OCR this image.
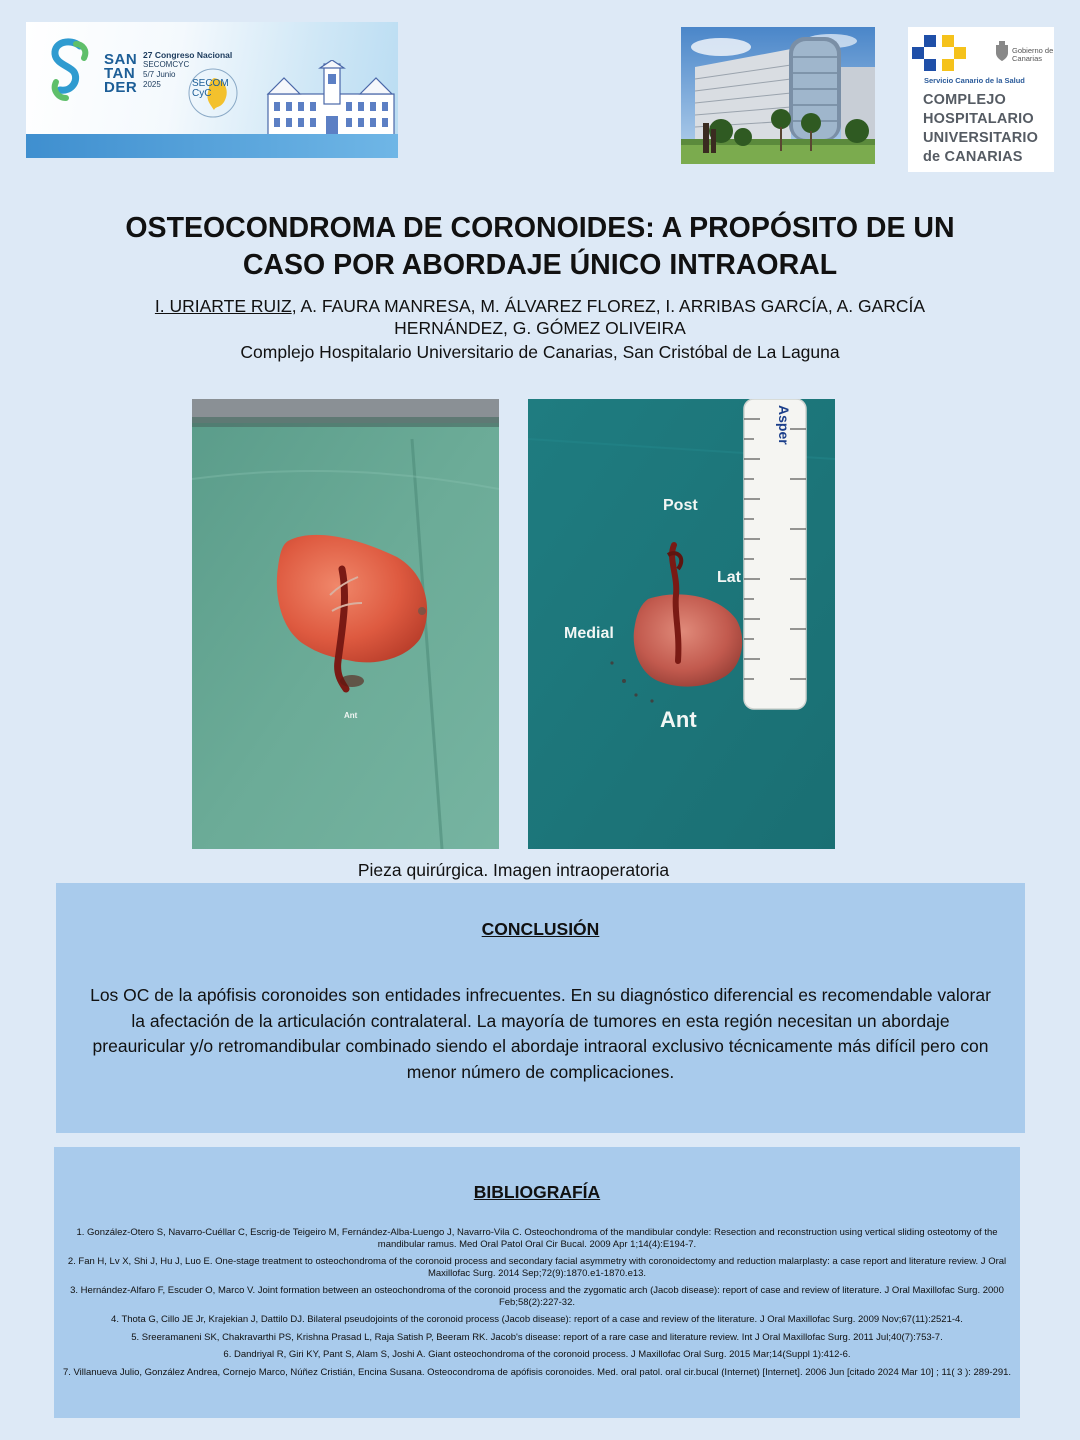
SAN
TAN
DER
27 Congreso Nacional
SECOMCYC
5/7 Junio
2025	SECOM
CyC
Gobierno de Canarias
Servicio Canario de la Salud
COMPLEJO
HOSPITALARIO
UNIVERSITARIO
de CANARIAS
OSTEOCONDROMA DE CORONOIDES: A PROPÓSITO DE UN
CASO POR ABORDAJE ÚNICO INTRAORAL
I. URIARTE RUIZ, A. FAURA MANRESA, M. ÁLVAREZ FLOREZ, I. ARRIBAS GARCÍA, A. GARCÍA
HERNÁNDEZ, G. GÓMEZ OLIVEIRA
Complejo Hospitalario Universitario de Canarias, San Cristóbal de La Laguna
Ant
Asper
Post
Lat
Medial
Ant
Pieza quirúrgica. Imagen intraoperatoria
CONCLUSIÓN
Los OC de la apófisis coronoides son entidades infrecuentes. En su diagnóstico diferencial es recomendable valorar
la afectación de la articulación contralateral. La mayoría de tumores en esta región necesitan un abordaje
preauricular y/o retromandibular combinado siendo el abordaje intraoral exclusivo técnicamente más difícil pero con
menor número de complicaciones.
BIBLIOGRAFÍA
1. González-Otero S, Navarro-Cuéllar C, Escrig-de Teigeiro M, Fernández-Alba-Luengo J, Navarro-Vila C. Osteochondroma of the mandibular condyle: Resection and reconstruction using vertical sliding osteotomy of the mandibular ramus. Med Oral Patol Oral Cir Bucal. 2009 Apr 1;14(4):E194-7.
2. Fan H, Lv X, Shi J, Hu J, Luo E. One-stage treatment to osteochondroma of the coronoid process and secondary facial asymmetry with coronoidectomy and reduction malarplasty: a case report and literature review. J Oral Maxillofac Surg. 2014 Sep;72(9):1870.e1-1870.e13.
3. Hernández-Alfaro F, Escuder O, Marco V. Joint formation between an osteochondroma of the coronoid process and the zygomatic arch (Jacob disease): report of case and review of literature. J Oral Maxillofac Surg. 2000 Feb;58(2):227-32.
4. Thota G, Cillo JE Jr, Krajekian J, Dattilo DJ. Bilateral pseudojoints of the coronoid process (Jacob disease): report of a case and review of the literature. J Oral Maxillofac Surg. 2009 Nov;67(11):2521-4.
5. Sreeramaneni SK, Chakravarthi PS, Krishna Prasad L, Raja Satish P, Beeram RK. Jacob's disease: report of a rare case and literature review. Int J Oral Maxillofac Surg. 2011 Jul;40(7):753-7.
6. Dandriyal R, Giri KY, Pant S, Alam S, Joshi A. Giant osteochondroma of the coronoid process. J Maxillofac Oral Surg. 2015 Mar;14(Suppl 1):412-6.
7. Villanueva Julio, González Andrea, Cornejo Marco, Núñez Cristián, Encina Susana. Osteocondroma de apófisis coronoides. Med. oral patol. oral cir.bucal (Internet) [Internet]. 2006 Jun [citado 2024 Mar 10] ; 11( 3 ): 289-291.
